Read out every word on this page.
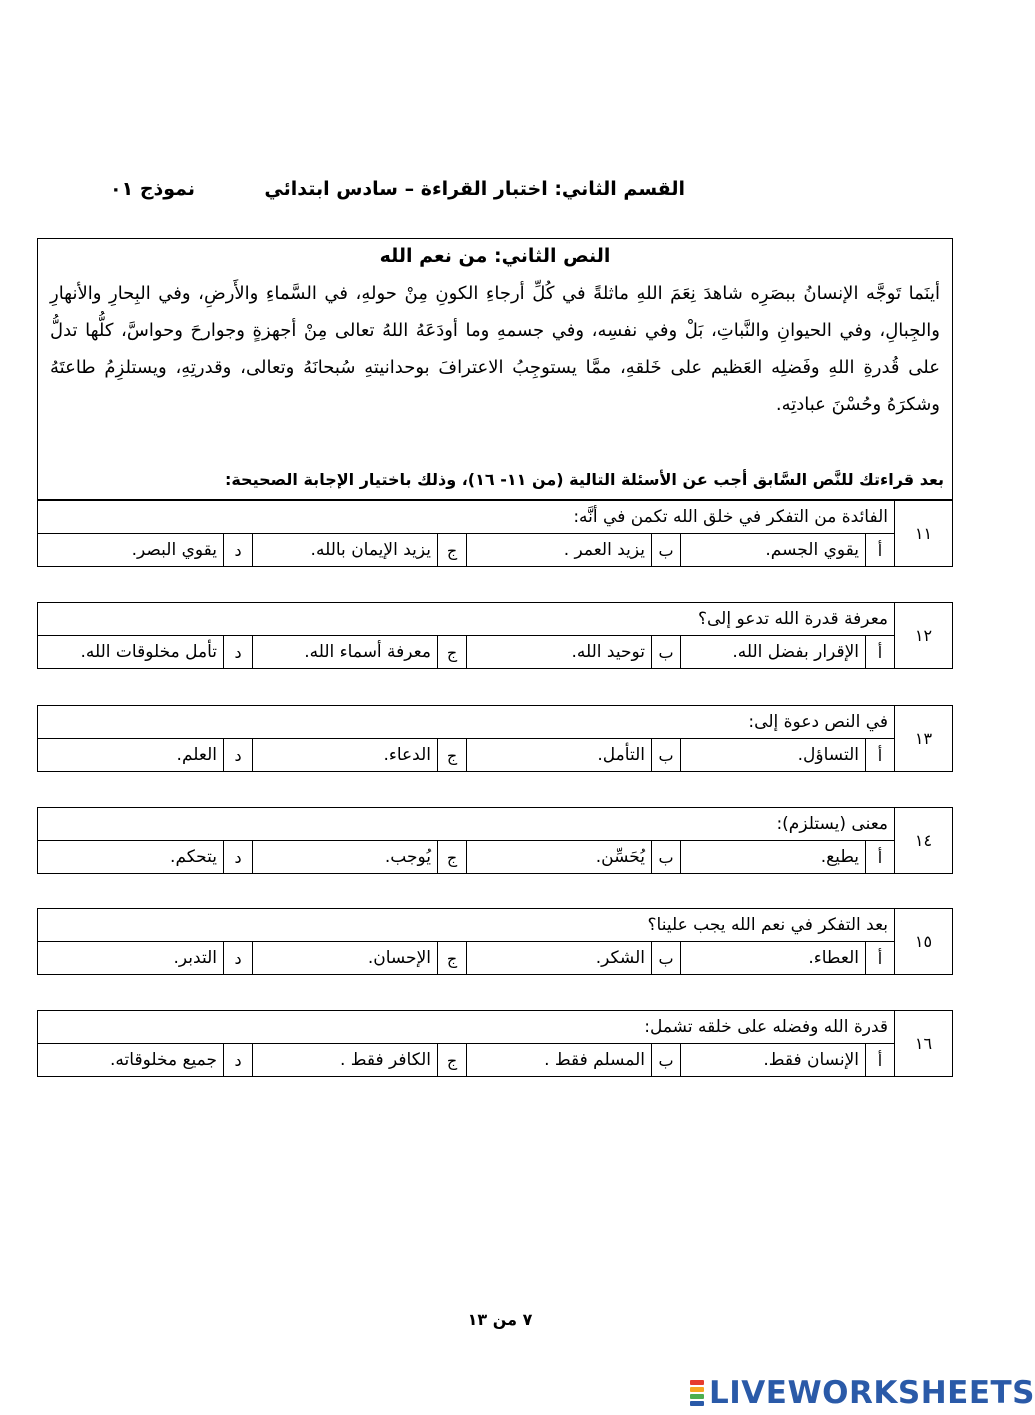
القسم الثاني: اختبار القراءة – سادس ابتدائي
نموذج ٠١
النص الثاني: من نعم الله
أينَما تَوجَّه الإنسانُ ببصَرِه شاهدَ نِعَمَ اللهِ ماثلةً في كُلِّ أرجاءِ الكونِ مِنْ حولهِ، في السَّماءِ والأَرضِ، وفي البِحارِ والأنهارِ والجِبالِ، وفي الحيوانِ والنَّباتِ، بَلْ وفي نفسِه، وفي جسمهِ وما أودَعَهُ اللهُ تعالى مِنْ أجهزةٍ وجوارحَ وحواسَّ، كلُّها تدلُّ على قُدرةِ اللهِ وفَضلِه العَظيم على خَلقهِ، ممَّا يستوجِبُ الاعترافَ بوحدانيتهِ سُبحانَهُ وتعالى، وقدرتِهِ، ويستلزِمُ طاعتَهُ وشكرَهُ وحُسْنَ عبادتِه.
بعد قراءتك للنَّص السَّابق أجب عن الأسئلة التالية (من ١١- ١٦)، وذلك باختيار الإجابة الصحيحة:
١١
الفائدة من التفكر في خلق الله تكمن في أنَّه:
أ
يقوي الجسم.
ب
يزيد العمر .
ج
يزيد الإيمان بالله.
د
يقوي البصر.
١٢
معرفة قدرة الله تدعو إلى؟
أ
الإقرار بفضل الله.
ب
توحيد الله.
ج
معرفة أسماء الله.
د
تأمل مخلوقات الله.
١٣
في النص دعوة إلى:
أ
التساؤل.
ب
التأمل.
ج
الدعاء.
د
العلم.
١٤
معنى (يستلزم):
أ
يطيع.
ب
يُحَسِّن.
ج
يُوجب.
د
يتحكم.
١٥
بعد التفكر في نعم الله يجب علينا؟
أ
العطاء.
ب
الشكر.
ج
الإحسان.
د
التدبر.
١٦
قدرة الله وفضله على خلقه تشمل:
أ
الإنسان فقط.
ب
المسلم فقط .
ج
الكافر فقط .
د
جميع مخلوقاته.
٧ من ١٣
LIVEWORKSHEETS
